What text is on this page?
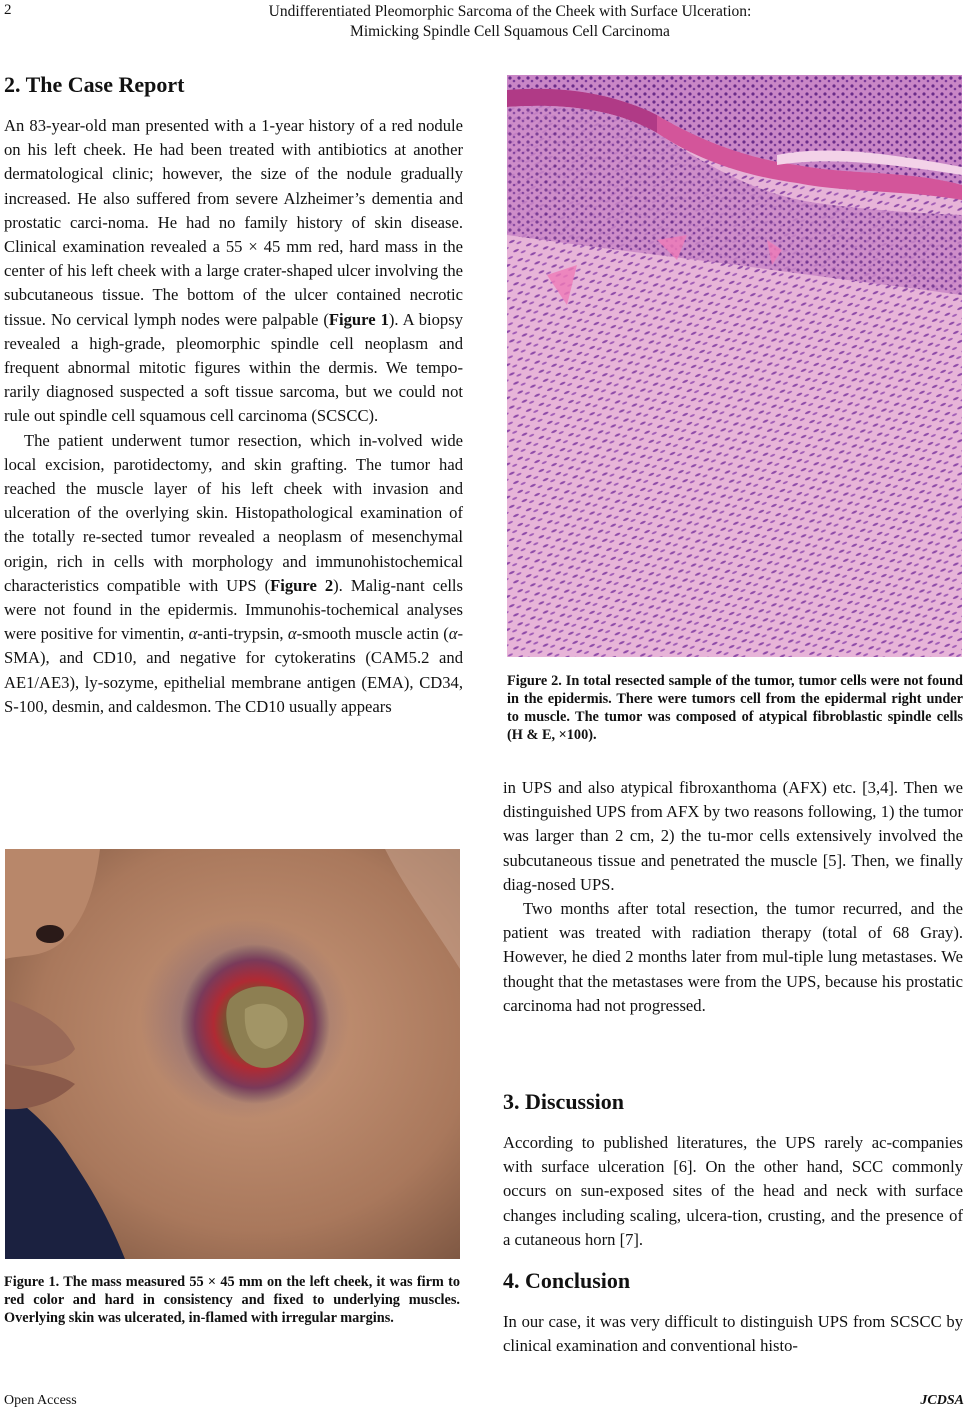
2	Undifferentiated Pleomorphic Sarcoma of the Cheek with Surface Ulceration:
Mimicking Spindle Cell Squamous Cell Carcinoma
2. The Case Report

An 83-year-old man presented with a 1-year history of a red nodule on his left cheek. He had been treated with antibiotics at another dermatological clinic; however, the size of the nodule gradually increased. He also suffered from severe Alzheimer’s dementia and prostatic carci-noma. He had no family history of skin disease. Clinical examination revealed a 55 × 45 mm red, hard mass in the center of his left cheek with a large crater-shaped ulcer involving the subcutaneous tissue. The bottom of the ulcer contained necrotic tissue. No cervical lymph nodes were palpable (Figure 1). A biopsy revealed a high-grade, pleomorphic spindle cell neoplasm and frequent abnormal mitotic figures within the dermis. We tempo-rarily diagnosed suspected a soft tissue sarcoma, but we could not rule out spindle cell squamous cell carcinoma (SCSCC).

The patient underwent tumor resection, which in-volved wide local excision, parotidectomy, and skin grafting. The tumor had reached the muscle layer of his left cheek with invasion and ulceration of the overlying skin. Histopathological examination of the totally re-sected tumor revealed a neoplasm of mesenchymal origin, rich in cells with morphology and immunohistochemical characteristics compatible with UPS (Figure 2). Malig-nant cells were not found in the epidermis. Immunohis-tochemical analyses were positive for vimentin, α-anti-trypsin, α-smooth muscle actin (α-SMA), and CD10, and negative for cytokeratins (CAM5.2 and AE1/AE3), ly-sozyme, epithelial membrane antigen (EMA), CD34, S-100, desmin, and caldesmon. The CD10 usually appears

Figure 1. The mass measured 55 × 45 mm on the left cheek, it was firm to red color and hard in consistency and fixed to underlying muscles. Overlying skin was ulcerated, in-flamed with irregular margins.
Figure 2. In total resected sample of the tumor, tumor cells were not found in the epidermis. There were tumors cell from the epidermal right under to muscle. The tumor was composed of atypical fibroblastic spindle cells (H & E, ×100).

in UPS and also atypical fibroxanthoma (AFX) etc. [3,4]. Then we distinguished UPS from AFX by two reasons following, 1) the tumor was larger than 2 cm, 2) the tu-mor cells extensively involved the subcutaneous tissue and penetrated the muscle [5]. Then, we finally diag-nosed UPS.

Two months after total resection, the tumor recurred, and the patient was treated with radiation therapy (total of 68 Gray). However, he died 2 months later from mul-tiple lung metastases. We thought that the metastases were from the UPS, because his prostatic carcinoma had not progressed.

3. Discussion

According to published literatures, the UPS rarely ac-companies with surface ulceration [6]. On the other hand, SCC commonly occurs on sun-exposed sites of the head and neck with surface changes including scaling, ulcera-tion, crusting, and the presence of a cutaneous horn [7].

4. Conclusion

In our case, it was very difficult to distinguish UPS from SCSCC by clinical examination and conventional histo-

Open Access	JCDSA
